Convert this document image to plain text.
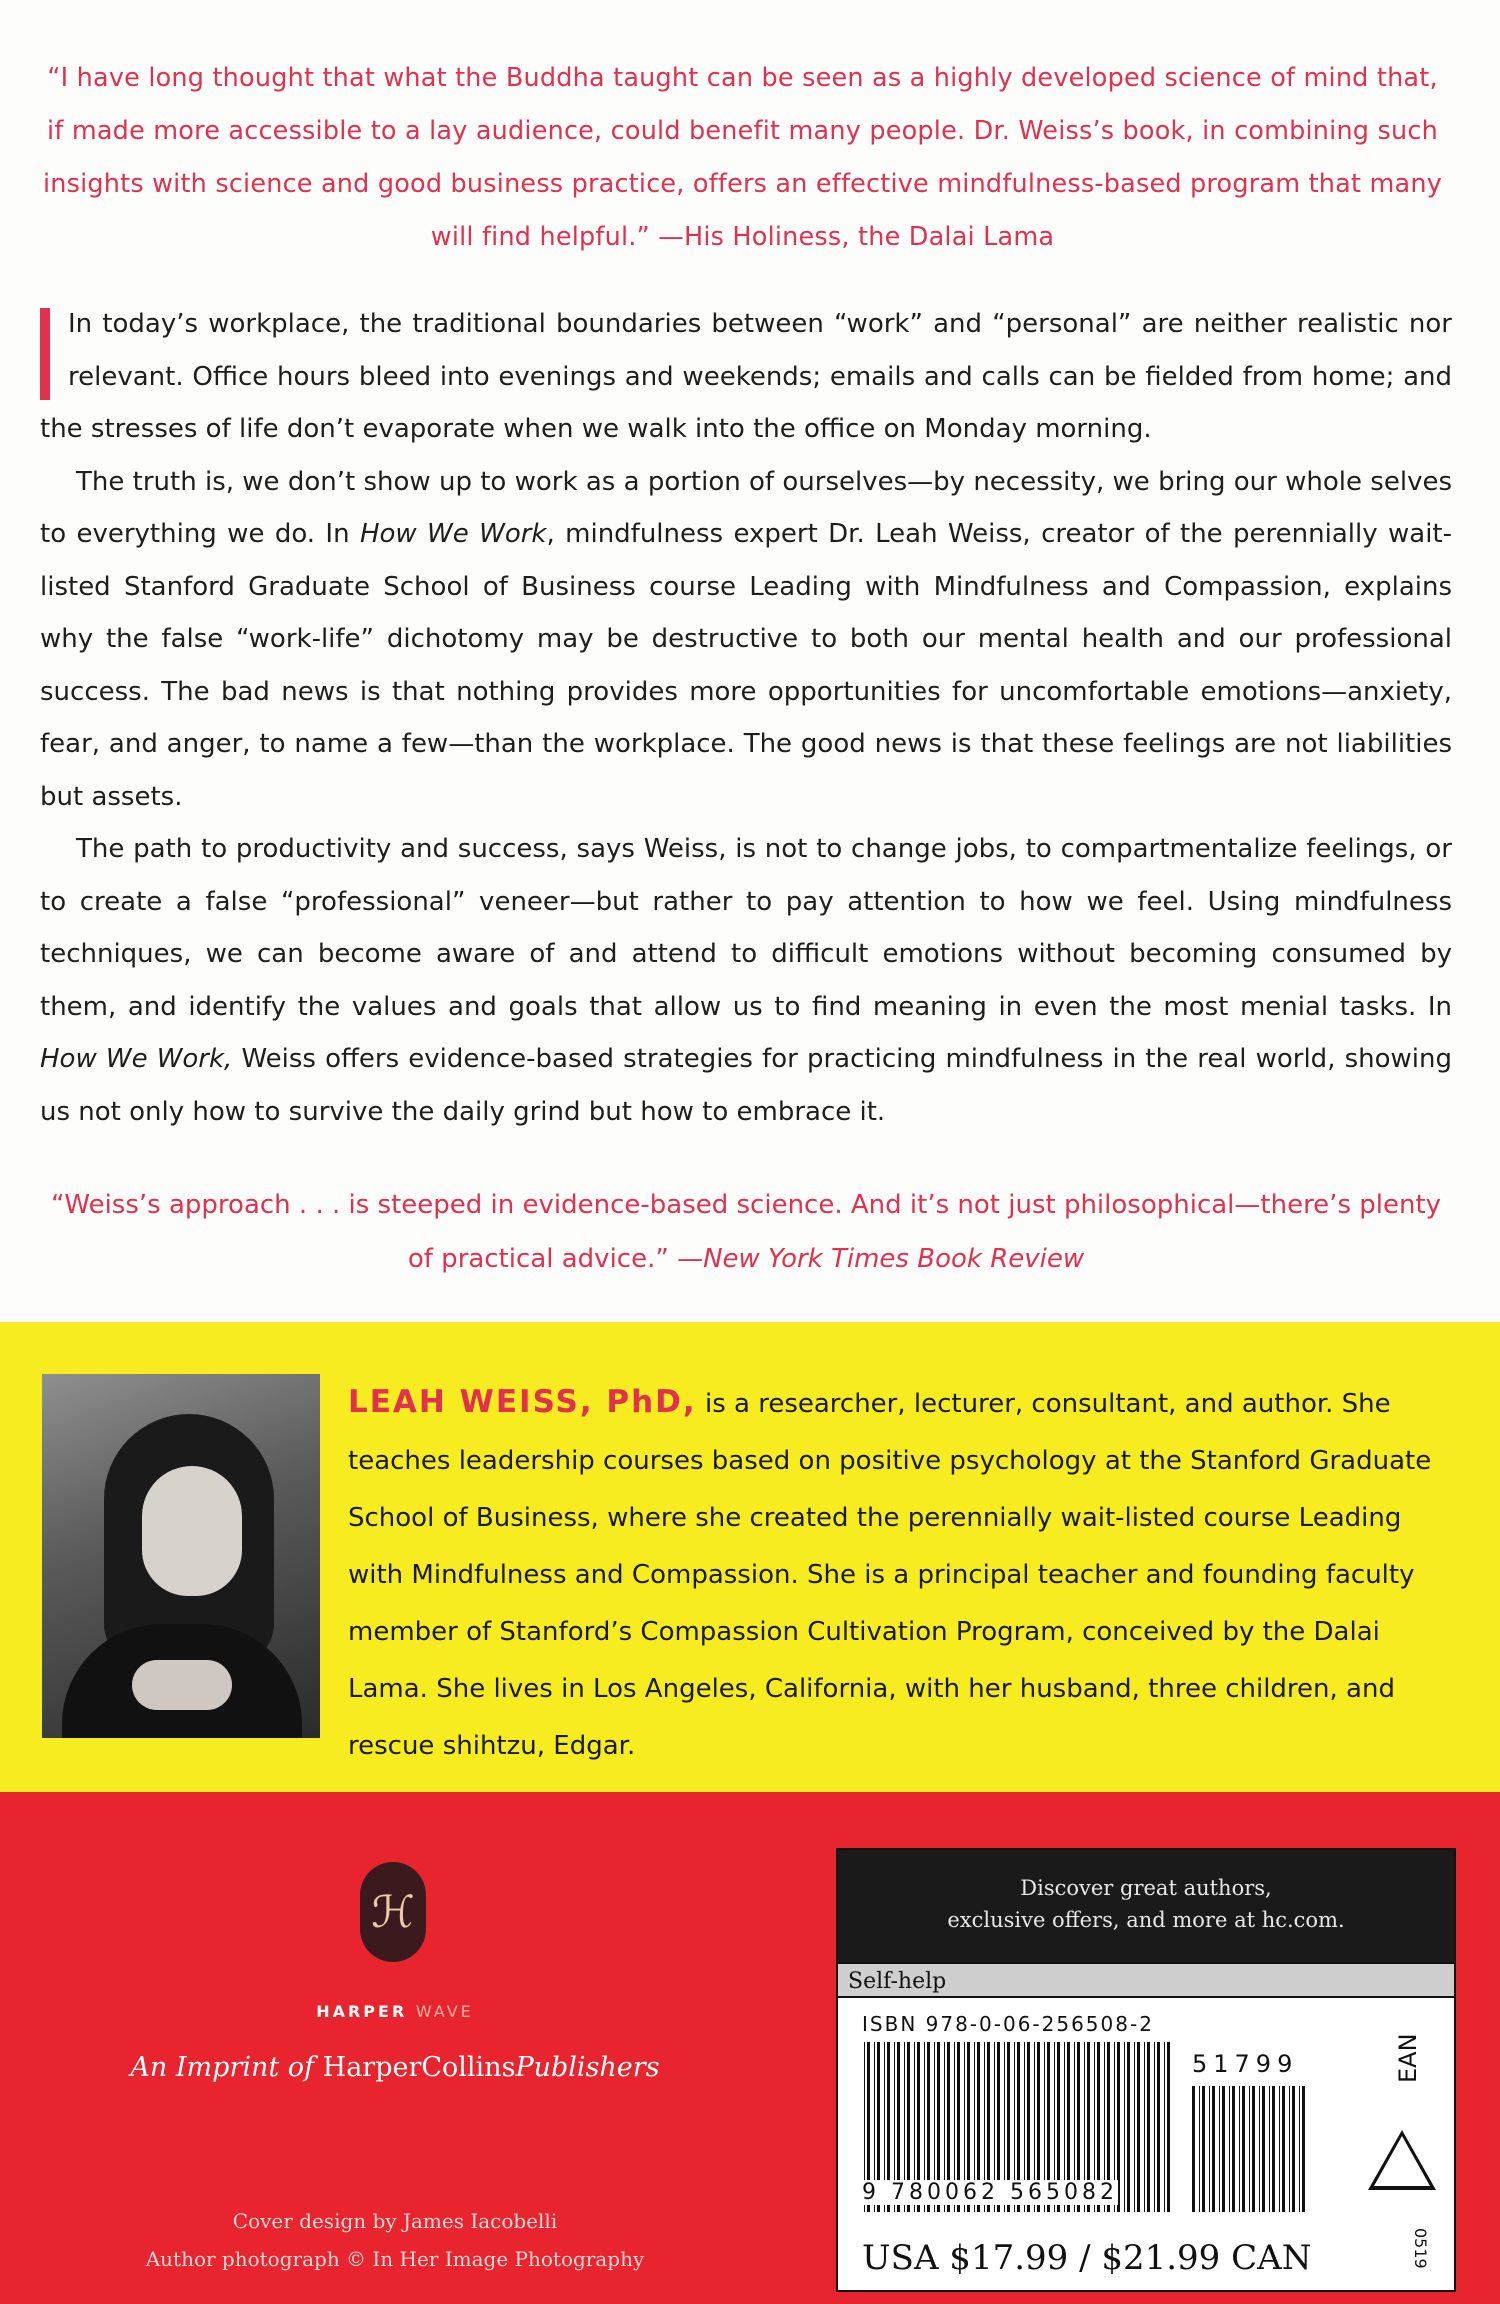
“I have long thought that what the Buddha taught can be seen as a highly developed science of mind that, if made more accessible to a lay audience, could benefit many people. Dr. Weiss’s book, in combining such insights with science and good business practice, offers an effective mindfulness-based program that many will find helpful.” —His Holiness, the Dalai Lama

In today’s workplace, the traditional boundaries between “work” and “personal” are neither realistic nor relevant. Office hours bleed into evenings and weekends; emails and calls can be fielded from home; and the stresses of life don’t evaporate when we walk into the office on Monday morning.

The truth is, we don’t show up to work as a portion of ourselves—by necessity, we bring our whole selves to everything we do. In How We Work, mindfulness expert Dr. Leah Weiss, creator of the perennially wait-listed Stanford Graduate School of Business course Leading with Mindfulness and Compassion, explains why the false “work-life” dichotomy may be destructive to both our mental health and our professional success. The bad news is that nothing provides more opportunities for uncomfortable emotions—anxiety, fear, and anger, to name a few—than the workplace. The good news is that these feelings are not liabilities but assets.

The path to productivity and success, says Weiss, is not to change jobs, to compartmentalize feelings, or to create a false “professional” veneer—but rather to pay attention to how we feel. Using mindfulness techniques, we can become aware of and attend to difficult emotions without becoming consumed by them, and identify the values and goals that allow us to find meaning in even the most menial tasks. In How We Work, Weiss offers evidence-based strategies for practicing mindfulness in the real world, showing us not only how to survive the daily grind but how to embrace it.

“Weiss’s approach . . . is steeped in evidence-based science. And it’s not just philosophical—there’s plenty of practical advice.” —New York Times Book Review
LEAH WEISS, PhD, is a researcher, lecturer, consultant, and author. She teaches leadership courses based on positive psychology at the Stanford Graduate School of Business, where she created the perennially wait-listed course Leading with Mindfulness and Compassion. She is a principal teacher and founding faculty member of Stanford’s Compassion Cultivation Program, conceived by the Dalai Lama. She lives in Los Angeles, California, with her husband, three children, and rescue shihtzu, Edgar.
ℋ
HARPER WAVE
An Imprint of HarperCollinsPublishers
Cover design by James Iacobelli
Author photograph © In Her Image Photography
Discover great authors,
exclusive offers, and more at hc.com.
Self-help
ISBN 978-0-06-256508-2
51799
9 780062 565082
EAN
USA $17.99 / $21.99 CAN	0519
